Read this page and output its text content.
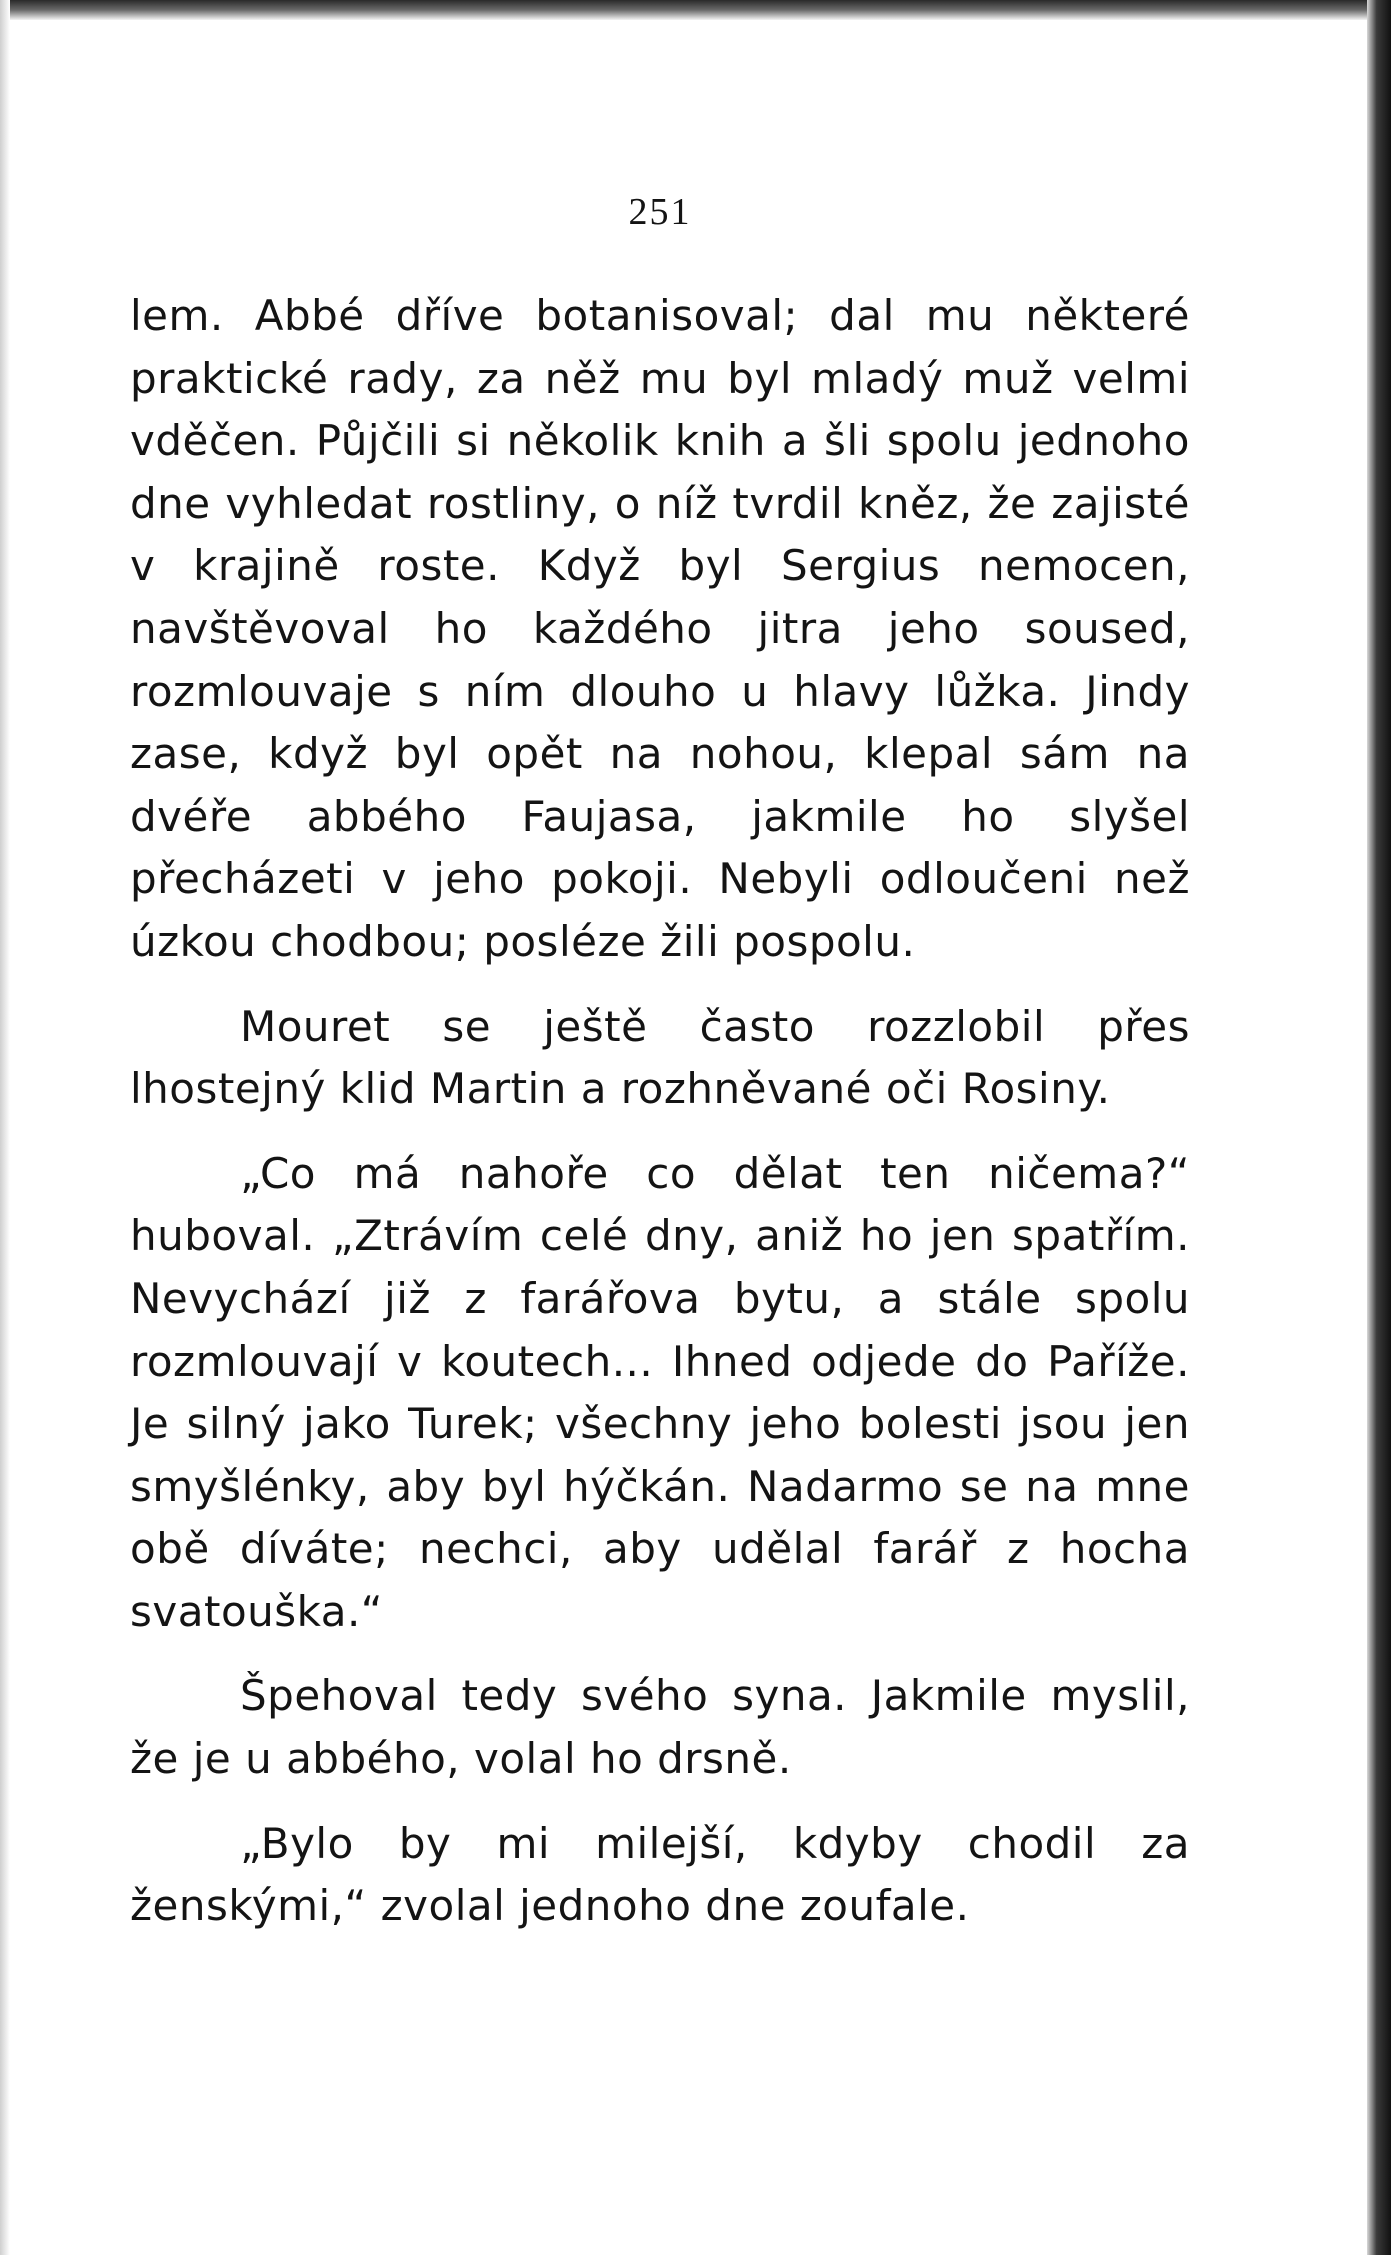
251

lem. Abbé dříve botanisoval; dal mu některé praktické rady, za něž mu byl mladý muž velmi vděčen. Půjčili si několik knih a šli spolu jednoho dne vyhledat rostliny, o níž tvrdil kněz, že zajisté v krajině roste. Když byl Sergius nemocen, navštěvoval ho každého jitra jeho soused, rozmlouvaje s ním dlouho u hlavy lůžka. Jindy zase, když byl opět na nohou, klepal sám na dvéře abbého Faujasa, jakmile ho slyšel přecházeti v jeho pokoji. Nebyli odloučeni než úzkou chodbou; posléze žili pospolu.

Mouret se ještě často rozzlobil přes lhostejný klid Martin a rozhněvané oči Rosiny.

„Co má nahoře co dělat ten ničema?“ huboval. „Ztrávím celé dny, aniž ho jen spatřím. Nevychází již z farářova bytu, a stále spolu rozmlouvají v koutech... Ihned odjede do Paříže. Je silný jako Turek; všechny jeho bolesti jsou jen smyšlénky, aby byl hýčkán. Nadarmo se na mne obě díváte; nechci, aby udělal farář z hocha svatouška.“

Špehoval tedy svého syna. Jakmile myslil, že je u abbého, volal ho drsně.

„Bylo by mi milejší, kdyby chodil za ženskými,“ zvolal jednoho dne zoufale.
